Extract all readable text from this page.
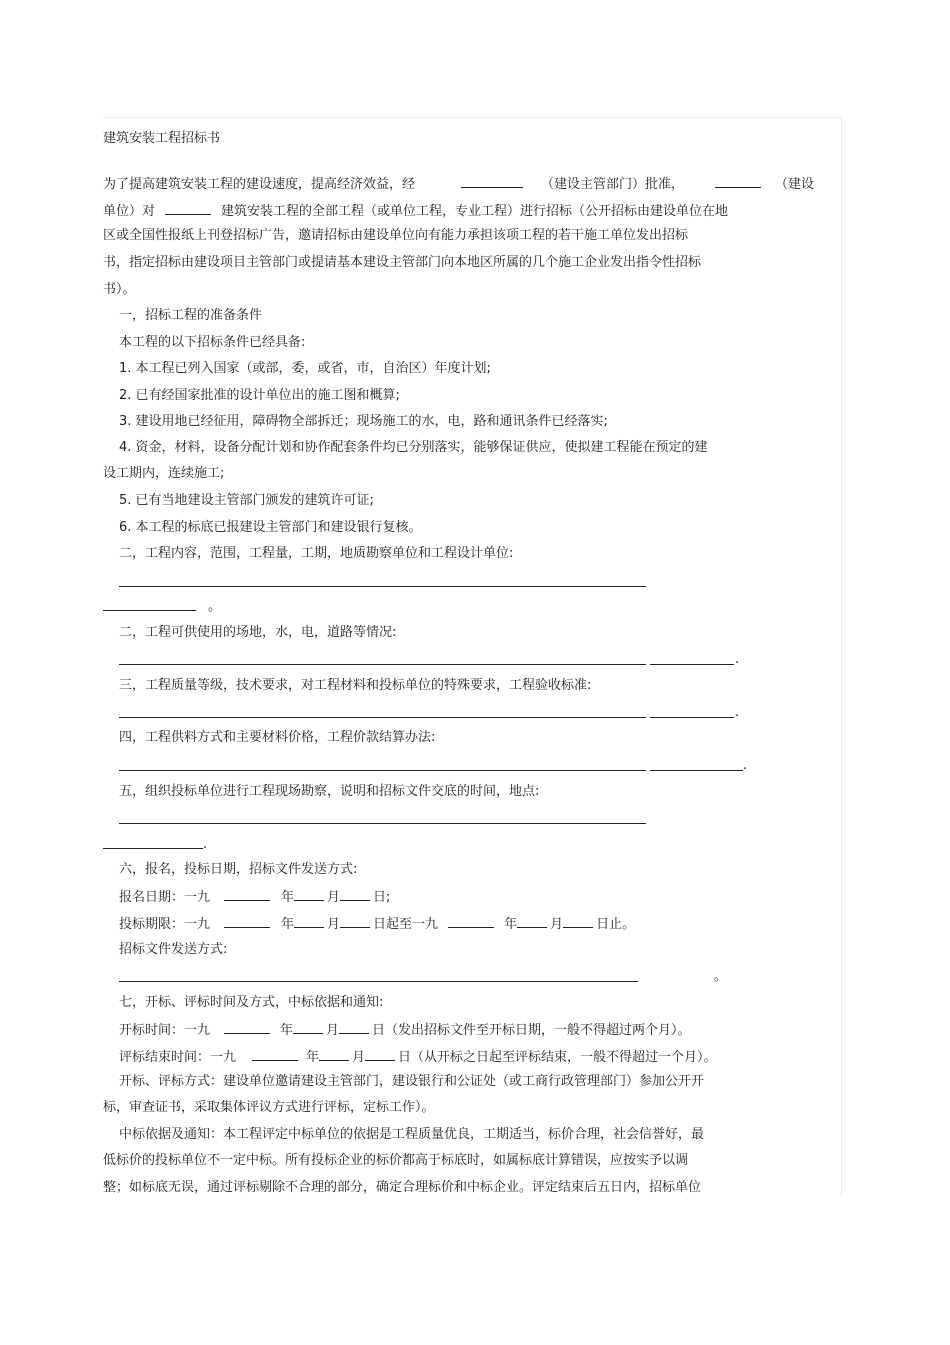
建筑安装工程招标书
为了提高建筑安装工程的建设速度，提高经济效益，经	（建设主管部门）批准，	（建设
单位）对	建筑安装工程的全部工程（或单位工程，专业工程）进行招标（公开招标由建设单位在地
区或全国性报纸上刊登招标广告，邀请招标由建设单位向有能力承担该项工程的若干施工单位发出招标
书，指定招标由建设项目主管部门或提请基本建设主管部门向本地区所属的几个施工企业发出指令性招标
书）。
一，招标工程的准备条件
本工程的以下招标条件已经具备:
1. 本工程已列入国家（或部，委，或省，市，自治区）年度计划;
2. 已有经国家批准的设计单位出的施工图和概算;
3. 建设用地已经征用，障碍物全部拆迁；现场施工的水，电，路和通讯条件已经落实;
4. 资金，材料，设备分配计划和协作配套条件均已分别落实，能够保证供应，使拟建工程能在预定的建
设工期内，连续施工;
5. 已有当地建设主管部门颁发的建筑许可证;
6. 本工程的标底已报建设主管部门和建设银行复核。
二，工程内容，范围，工程量，工期，地质勘察单位和工程设计单位:
。
二，工程可供使用的场地，水，电，道路等情况:
.
三，工程质量等级，技术要求，对工程材料和投标单位的特殊要求，工程验收标准:
.
四，工程供料方式和主要材料价格，工程价款结算办法:
.
五，组织投标单位进行工程现场勘察，说明和招标文件交底的时间，地点:
.
六，报名，投标日期，招标文件发送方式:
报名日期：一九	年	月	日;
投标期限：一九	年	月	日起至一九	年	月	日止。
招标文件发送方式:
。
七，开标、评标时间及方式，中标依据和通知:
开标时间：一九	年	月	日（发出招标文件至开标日期，一般不得超过两个月）。
评标结束时间：一九	年	月	日（从开标之日起至评标结束，一般不得超过一个月）。
开标、评标方式：建设单位邀请建设主管部门，建设银行和公证处（或工商行政管理部门）参加公开开
标，审查证书，采取集体评议方式进行评标，定标工作）。
中标依据及通知：本工程评定中标单位的依据是工程质量优良，工期适当，标价合理，社会信誉好，最
低标价的投标单位不一定中标。所有投标企业的标价都高于标底时，如属标底计算错误，应按实予以调
整；如标底无误，通过评标剔除不合理的部分，确定合理标价和中标企业。评定结束后五日内，招标单位
